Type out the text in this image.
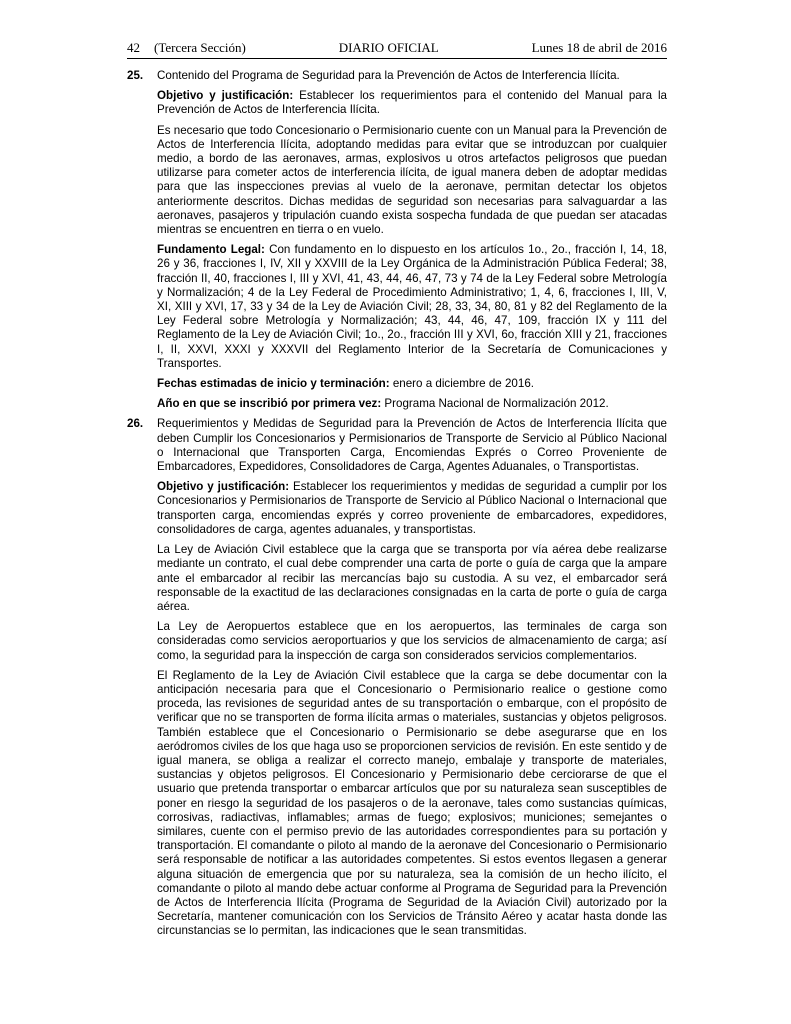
42 (Tercera Sección)	DIARIO OFICIAL	Lunes 18 de abril de 2016
25. Contenido del Programa de Seguridad para la Prevención de Actos de Interferencia Ilícita.

Objetivo y justificación: Establecer los requerimientos para el contenido del Manual para la Prevención de Actos de Interferencia Ilícita.

Es necesario que todo Concesionario o Permisionario cuente con un Manual para la Prevención de Actos de Interferencia Ilícita, adoptando medidas para evitar que se introduzcan por cualquier medio, a bordo de las aeronaves, armas, explosivos u otros artefactos peligrosos que puedan utilizarse para cometer actos de interferencia ilícita, de igual manera deben de adoptar medidas para que las inspecciones previas al vuelo de la aeronave, permitan detectar los objetos anteriormente descritos. Dichas medidas de seguridad son necesarias para salvaguardar a las aeronaves, pasajeros y tripulación cuando exista sospecha fundada de que puedan ser atacadas mientras se encuentren en tierra o en vuelo.

Fundamento Legal: Con fundamento en lo dispuesto en los artículos 1o., 2o., fracción I, 14, 18, 26 y 36, fracciones I, IV, XII y XXVIII de la Ley Orgánica de la Administración Pública Federal; 38, fracción II, 40, fracciones I, III y XVI, 41, 43, 44, 46, 47, 73 y 74 de la Ley Federal sobre Metrología y Normalización; 4 de la Ley Federal de Procedimiento Administrativo; 1, 4, 6, fracciones I, III, V, XI, XIII y XVI, 17, 33 y 34 de la Ley de Aviación Civil; 28, 33, 34, 80, 81 y 82 del Reglamento de la Ley Federal sobre Metrología y Normalización; 43, 44, 46, 47, 109, fracción IX y 111 del Reglamento de la Ley de Aviación Civil; 1o., 2o., fracción III y XVI, 6o, fracción XIII y 21, fracciones I, II, XXVI, XXXI y XXXVII del Reglamento Interior de la Secretaría de Comunicaciones y Transportes.

Fechas estimadas de inicio y terminación: enero a diciembre de 2016.

Año en que se inscribió por primera vez: Programa Nacional de Normalización 2012.

26. Requerimientos y Medidas de Seguridad para la Prevención de Actos de Interferencia Ilícita que deben Cumplir los Concesionarios y Permisionarios de Transporte de Servicio al Público Nacional o Internacional que Transporten Carga, Encomiendas Exprés o Correo Proveniente de Embarcadores, Expedidores, Consolidadores de Carga, Agentes Aduanales, o Transportistas.

Objetivo y justificación: Establecer los requerimientos y medidas de seguridad a cumplir por los Concesionarios y Permisionarios de Transporte de Servicio al Público Nacional o Internacional que transporten carga, encomiendas exprés y correo proveniente de embarcadores, expedidores, consolidadores de carga, agentes aduanales, y transportistas.

La Ley de Aviación Civil establece que la carga que se transporta por vía aérea debe realizarse mediante un contrato, el cual debe comprender una carta de porte o guía de carga que la ampare ante el embarcador al recibir las mercancías bajo su custodia. A su vez, el embarcador será responsable de la exactitud de las declaraciones consignadas en la carta de porte o guía de carga aérea.

La Ley de Aeropuertos establece que en los aeropuertos, las terminales de carga son consideradas como servicios aeroportuarios y que los servicios de almacenamiento de carga; así como, la seguridad para la inspección de carga son considerados servicios complementarios.

El Reglamento de la Ley de Aviación Civil establece que la carga se debe documentar con la anticipación necesaria para que el Concesionario o Permisionario realice o gestione como proceda, las revisiones de seguridad antes de su transportación o embarque, con el propósito de verificar que no se transporten de forma ilícita armas o materiales, sustancias y objetos peligrosos. También establece que el Concesionario o Permisionario se debe asegurarse que en los aeródromos civiles de los que haga uso se proporcionen servicios de revisión. En este sentido y de igual manera, se obliga a realizar el correcto manejo, embalaje y transporte de materiales, sustancias y objetos peligrosos. El Concesionario y Permisionario debe cerciorarse de que el usuario que pretenda transportar o embarcar artículos que por su naturaleza sean susceptibles de poner en riesgo la seguridad de los pasajeros o de la aeronave, tales como sustancias químicas, corrosivas, radiactivas, inflamables; armas de fuego; explosivos; municiones; semejantes o similares, cuente con el permiso previo de las autoridades correspondientes para su portación y transportación. El comandante o piloto al mando de la aeronave del Concesionario o Permisionario será responsable de notificar a las autoridades competentes. Si estos eventos llegasen a generar alguna situación de emergencia que por su naturaleza, sea la comisión de un hecho ilícito, el comandante o piloto al mando debe actuar conforme al Programa de Seguridad para la Prevención de Actos de Interferencia Ilícita (Programa de Seguridad de la Aviación Civil) autorizado por la Secretaría, mantener comunicación con los Servicios de Tránsito Aéreo y acatar hasta donde las circunstancias se lo permitan, las indicaciones que le sean transmitidas.
